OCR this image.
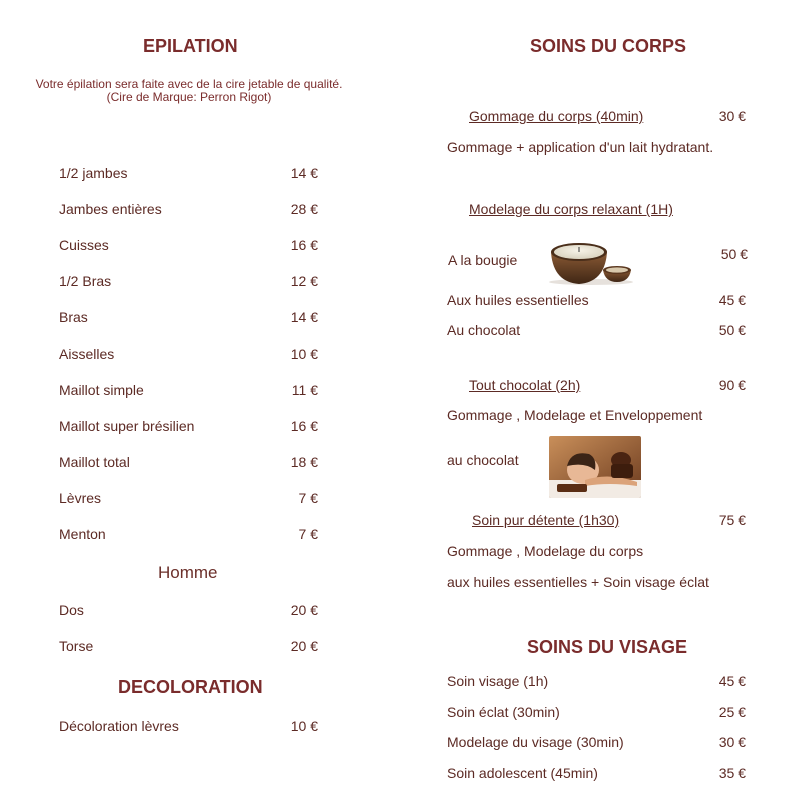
EPILATION
Votre épilation sera faite avec de la cire jetable de qualité.
(Cire de Marque: Perron Rigot)
1/2 jambes	14 €
Jambes entières	28 €
Cuisses	16 €
1/2 Bras	12 €
Bras	14 €
Aisselles	10 €
Maillot simple	11 €
Maillot super brésilien	16 €
Maillot total	18 €
Lèvres	7 €
Menton	7 €
Homme
Dos	20 €
Torse	20 €
DECOLORATION
Décoloration lèvres	10 €
SOINS DU CORPS
Gommage du corps (40min)	30 €
Gommage + application d'un lait hydratant.
Modelage du corps relaxant (1H)
A la bougie	50 €
Aux huiles essentielles	45 €
Au chocolat	50 €
Tout chocolat (2h)	90 €
Gommage , Modelage et Enveloppement
au chocolat
Soin pur détente (1h30)	75 €
Gommage , Modelage du corps
aux huiles essentielles + Soin visage éclat
SOINS DU VISAGE
Soin visage (1h)	45 €
Soin éclat (30min)	25 €
Modelage du visage (30min)	30 €
Soin adolescent (45min)	35 €
